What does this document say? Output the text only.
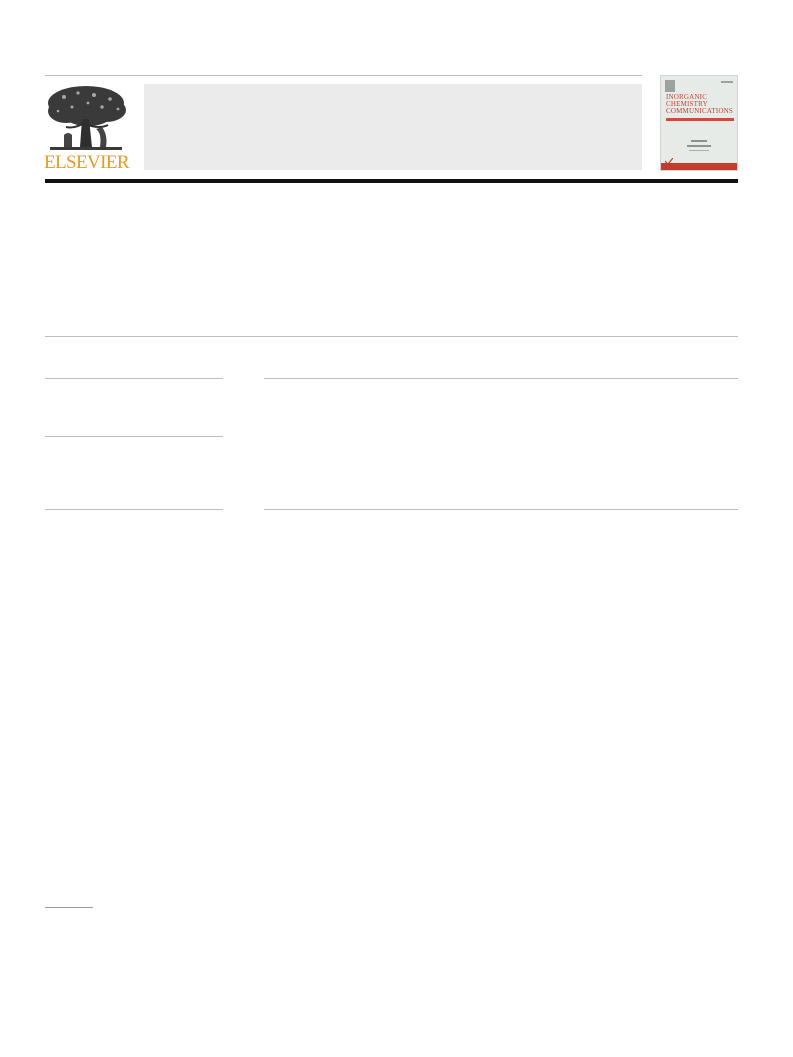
ELSEVIER
INORGANIC
CHEMISTRY
COMMUNICATIONS
